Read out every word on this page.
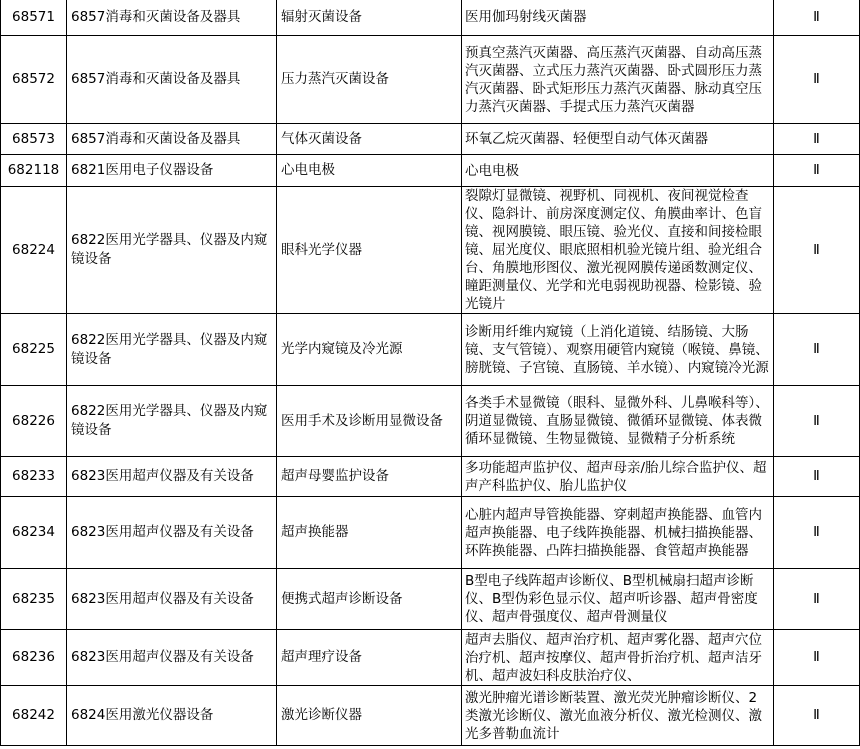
68571	6857消毒和灭菌设备及器具	辐射灭菌设备	医用伽玛射线灭菌器	Ⅱ
68572	6857消毒和灭菌设备及器具	压力蒸汽灭菌设备	预真空蒸汽灭菌器、高压蒸汽灭菌器、自动高压蒸汽灭菌器、立式压力蒸汽灭菌器、卧式圆形压力蒸汽灭菌器、卧式矩形压力蒸汽灭菌器、脉动真空压力蒸汽灭菌器、手提式压力蒸汽灭菌器	Ⅱ
68573	6857消毒和灭菌设备及器具	气体灭菌设备	环氧乙烷灭菌器、轻便型自动气体灭菌器	Ⅱ
682118	6821医用电子仪器设备	心电电极	心电电极	Ⅱ
68224	6822医用光学器具、仪器及内窥镜设备	眼科光学仪器	裂隙灯显微镜、视野机、同视机、夜间视觉检查仪、隐斜计、前房深度测定仪、角膜曲率计、色盲镜、视网膜镜、眼压镜、验光仪、直接和间接检眼镜、屈光度仪、眼底照相机验光镜片组、验光组合台、角膜地形图仪、激光视网膜传递函数测定仪、瞳距测量仪、光学和光电弱视助视器、检影镜、验光镜片	Ⅱ
68225	6822医用光学器具、仪器及内窥镜设备	光学内窥镜及冷光源	诊断用纤维内窥镜（上消化道镜、结肠镜、大肠镜、支气管镜）、观察用硬管内窥镜（喉镜、鼻镜、膀胱镜、子宫镜、直肠镜、羊水镜）、内窥镜冷光源	Ⅱ
68226	6822医用光学器具、仪器及内窥镜设备	医用手术及诊断用显微设备	各类手术显微镜（眼科、显微外科、儿鼻喉科等）、阴道显微镜、直肠显微镜、微循环显微镜、体表微循环显微镜、生物显微镜、显微精子分析系统	Ⅱ
68233	6823医用超声仪器及有关设备	超声母婴监护设备	多功能超声监护仪、超声母亲/胎儿综合监护仪、超声产科监护仪、胎儿监护仪	Ⅱ
68234	6823医用超声仪器及有关设备	超声换能器	心脏内超声导管换能器、穿刺超声换能器、血管内超声换能器、电子线阵换能器、机械扫描换能器、环阵换能器、凸阵扫描换能器、食管超声换能器	Ⅱ
68235	6823医用超声仪器及有关设备	便携式超声诊断设备	B型电子线阵超声诊断仪、B型机械扇扫超声诊断仪、B型伪彩色显示仪、超声听诊器、超声骨密度仪、超声骨强度仪、超声骨测量仪	Ⅱ
68236	6823医用超声仪器及有关设备	超声理疗设备	超声去脂仪、超声治疗机、超声雾化器、超声穴位治疗机、超声按摩仪、超声骨折治疗机、超声洁牙机、超声波妇科皮肤治疗仪、	Ⅱ
68242	6824医用激光仪器设备	激光诊断仪器	激光肿瘤光谱诊断装置、激光荧光肿瘤诊断仪、2类激光诊断仪、激光血液分析仪、激光检测仪、激光多普勒血流计	Ⅱ
